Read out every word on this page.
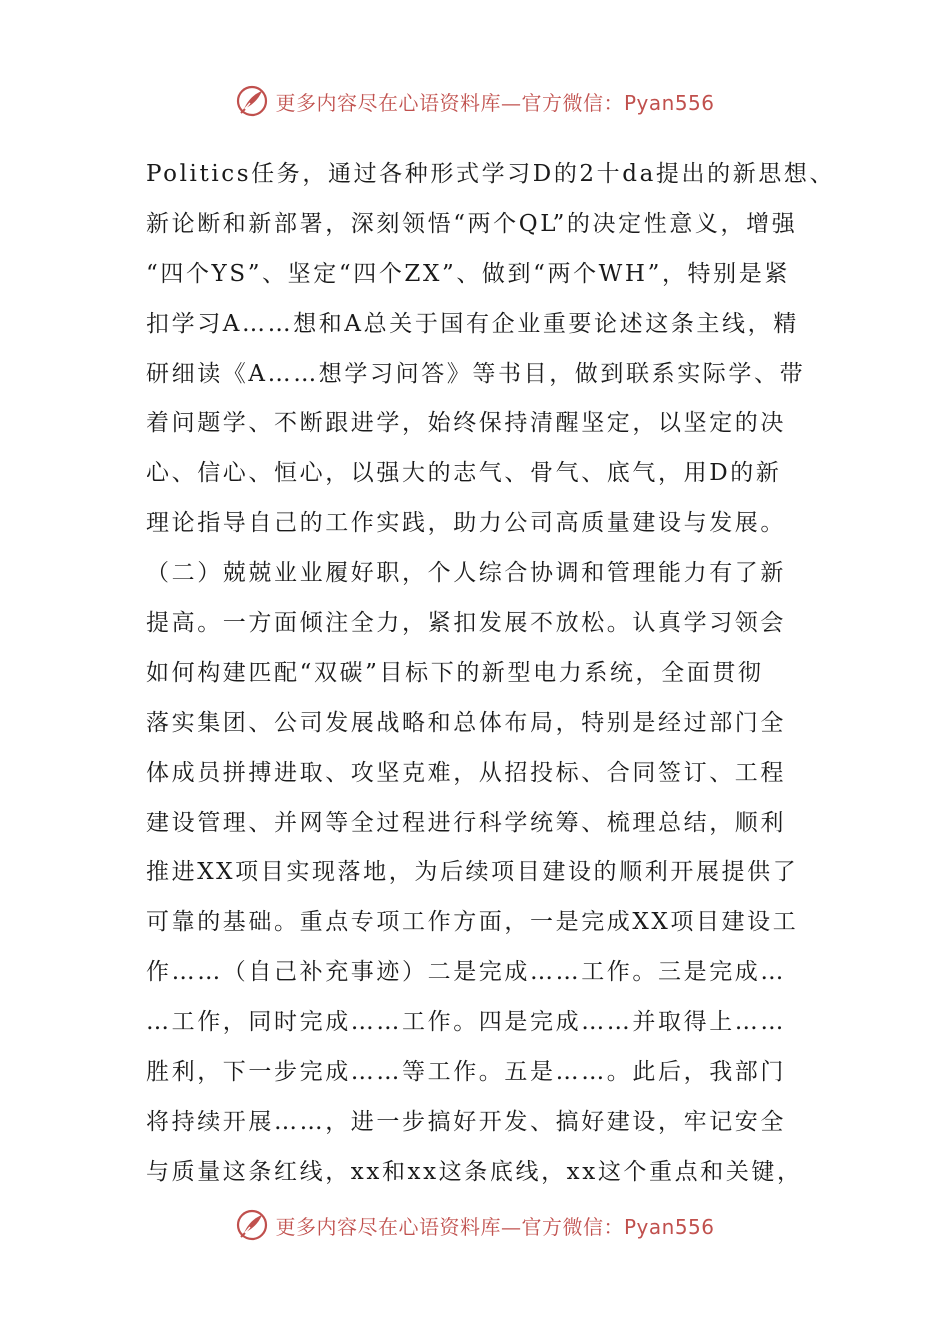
更多内容尽在心语资料库—官方微信：Pyan556
Politics任务，通过各种形式学习D的2十da提出的新思想、
新论断和新部署，深刻领悟“两个QL”的决定性意义，增强
“四个YS”、坚定“四个ZX”、做到“两个WH”，特别是紧
扣学习A……想和A总关于国有企业重要论述这条主线，精
研细读《A……想学习问答》等书目，做到联系实际学、带
着问题学、不断跟进学，始终保持清醒坚定，以坚定的决
心、信心、恒心，以强大的志气、骨气、底气，用D的新
理论指导自己的工作实践，助力公司高质量建设与发展。
（二）兢兢业业履好职，个人综合协调和管理能力有了新
提高。一方面倾注全力，紧扣发展不放松。认真学习领会
如何构建匹配“双碳”目标下的新型电力系统，全面贯彻
落实集团、公司发展战略和总体布局，特别是经过部门全
体成员拼搏进取、攻坚克难，从招投标、合同签订、工程
建设管理、并网等全过程进行科学统筹、梳理总结，顺利
推进XX项目实现落地，为后续项目建设的顺利开展提供了
可靠的基础。重点专项工作方面，一是完成XX项目建设工
作……（自己补充事迹）二是完成……工作。三是完成…
…工作，同时完成……工作。四是完成……并取得上……
胜利，下一步完成……等工作。五是……。此后，我部门
将持续开展……，进一步搞好开发、搞好建设，牢记安全
与质量这条红线，xx和xx这条底线，xx这个重点和关键，
更多内容尽在心语资料库—官方微信：Pyan556
